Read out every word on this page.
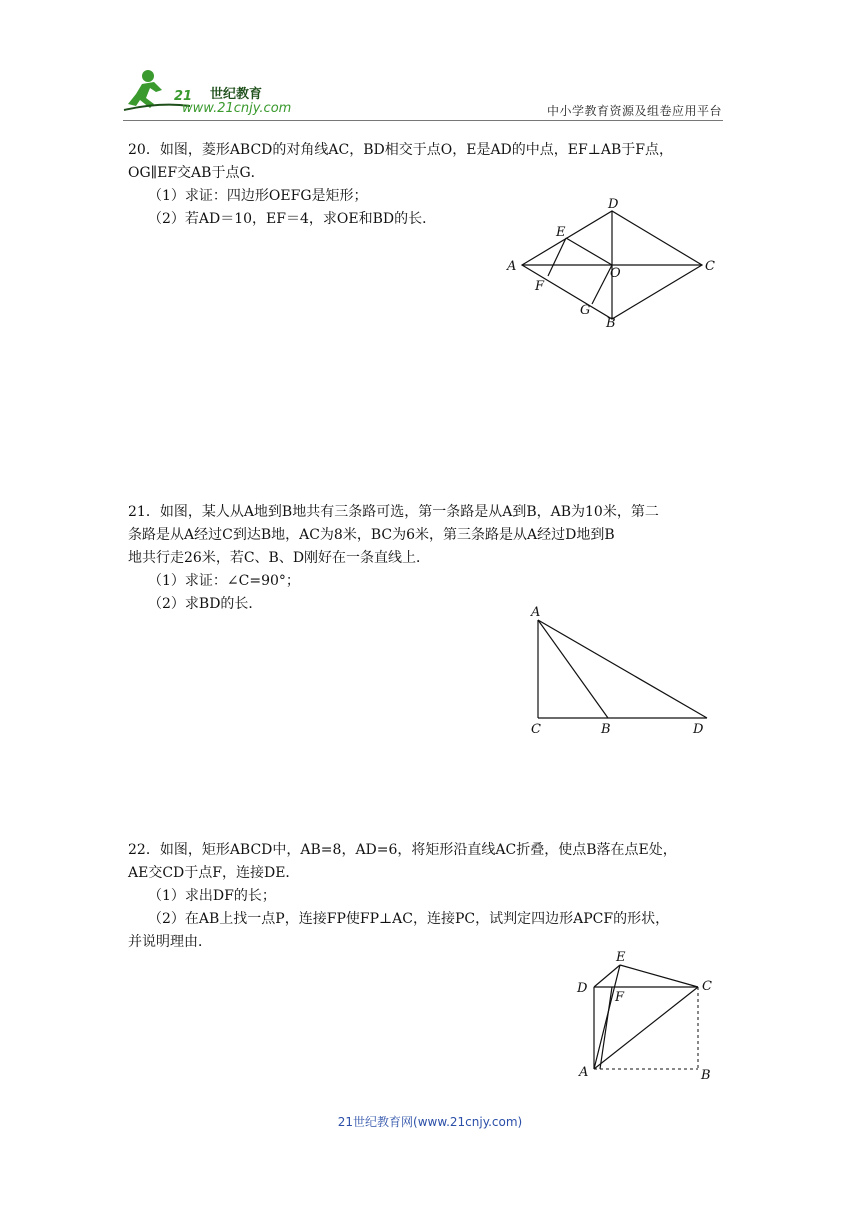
21 世纪教育
www.21cnjy.com	中小学教育资源及组卷应用平台
20．如图，菱形ABCD的对角线AC，BD相交于点O，E是AD的中点，EF⊥AB于F点，
OG∥EF交AB于点G．
（1）求证：四边形OEFG是矩形；
（2）若AD＝10，EF＝4，求OE和BD的长．
D
E
A	O	C
F
G
B
21．如图，某人从A地到B地共有三条路可选，第一条路是从A到B，AB为10米，第二
条路是从A经过C到达B地，AC为8米，BC为6米，第三条路是从A经过D地到B
地共行走26米，若C、B、D刚好在一条直线上．
（1）求证：∠C=90°；
（2）求BD的长．
A
C	B	D
22．如图，矩形ABCD中，AB=8，AD=6，将矩形沿直线AC折叠，使点B落在点E处，
AE交CD于点F，连接DE．
（1）求出DF的长；
（2）在AB上找一点P，连接FP使FP⊥AC，连接PC，试判定四边形APCF的形状，
并说明理由．
E
D
F
C
A	B
21世纪教育网(www.21cnjy.com)
